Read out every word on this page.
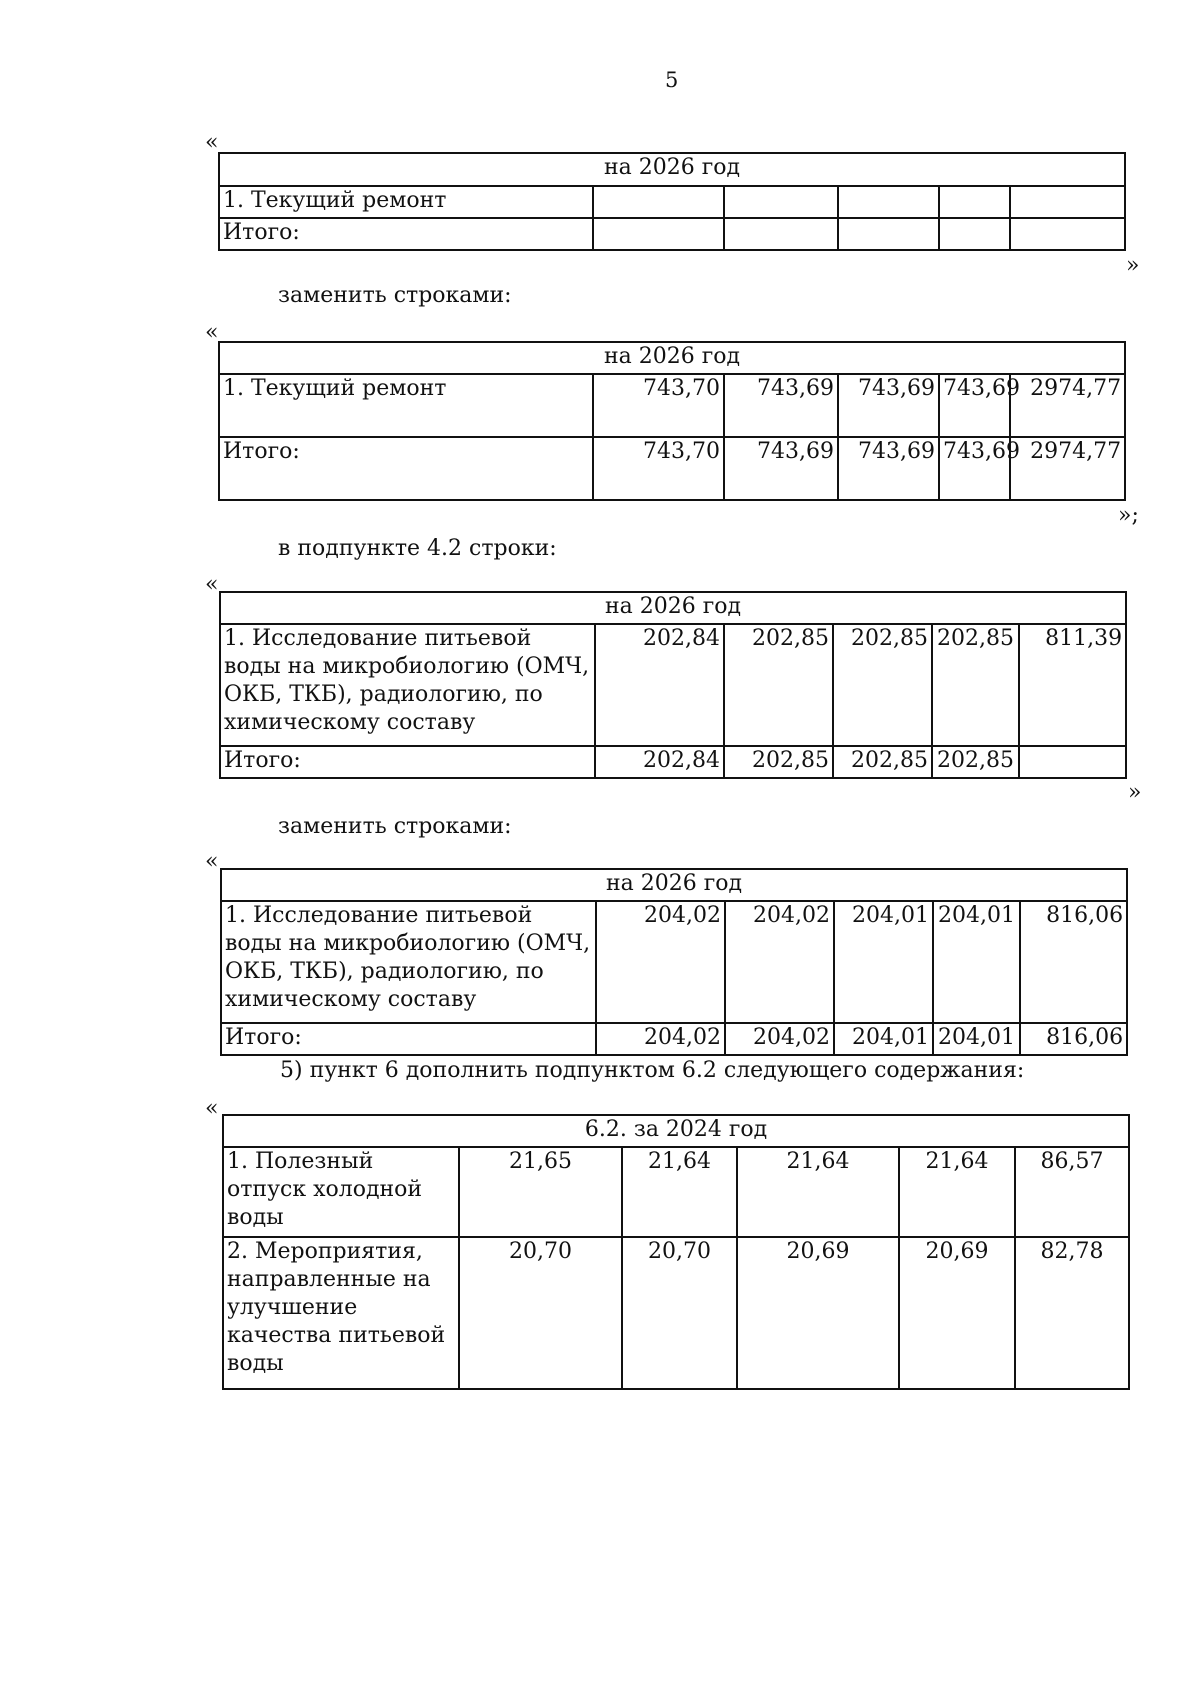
5
«
на 2026 год					
1. Текущий ремонт					
Итого:					
»
заменить строками:
«
на 2026 год					
1. Текущий ремонт	743,70	743,69	743,69	743,69	2974,77
Итого:	743,70	743,69	743,69	743,69	2974,77
»;
в подпункте 4.2 строки:
«
на 2026 год					
1. Исследование питьевой воды на микробиологию (ОМЧ, ОКБ, ТКБ), радиологию, по химическому составу	202,84	202,85	202,85	202,85	811,39
Итого:	202,84	202,85	202,85	202,85	
»
заменить строками:
«
на 2026 год					
1. Исследование питьевой воды на микробиологию (ОМЧ, ОКБ, ТКБ), радиологию, по химическому составу	204,02	204,02	204,01	204,01	816,06
Итого:	204,02	204,02	204,01	204,01	816,06
5) пункт 6 дополнить подпунктом 6.2 следующего содержания:
«
6.2. за 2024 год					
1. Полезный отпуск холодной воды	21,65	21,64	21,64	21,64	86,57
2. Мероприятия, направленные на улучшение качества питьевой воды	20,70	20,70	20,69	20,69	82,78
